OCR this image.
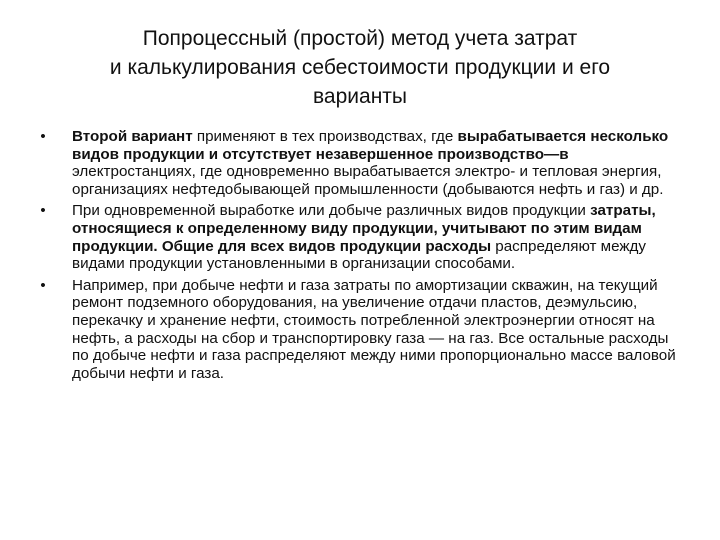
Попроцессный (простой) метод учета затрат
и калькулирования себестоимости продукции и его
варианты
• Второй вариант применяют в тех производствах, где вырабатывается несколько видов продукции и отсутствует незавершенное производство—в электростанциях, где одновременно вырабатывается электро- и тепловая энергия, организациях нефтедобывающей промышленности (добываются нефть и газ) и др.
• При одновременной выработке или добыче различных видов продукции затраты, относящиеся к определенному виду продукции, учитывают по этим видам продукции. Общие для всех видов продукции расходы распределяют между видами продукции установленными в организации способами.
• Например, при добыче нефти и газа затраты по амортизации скважин, на текущий ремонт подземного оборудования, на увеличение отдачи пластов, деэмульсию, перекачку и хранение нефти, стоимость потребленной электроэнергии относят на нефть, а расходы на сбор и транспортировку газа — на газ. Все остальные расходы по добыче нефти и газа распределяют между ними пропорционально массе валовой добычи нефти и газа.
